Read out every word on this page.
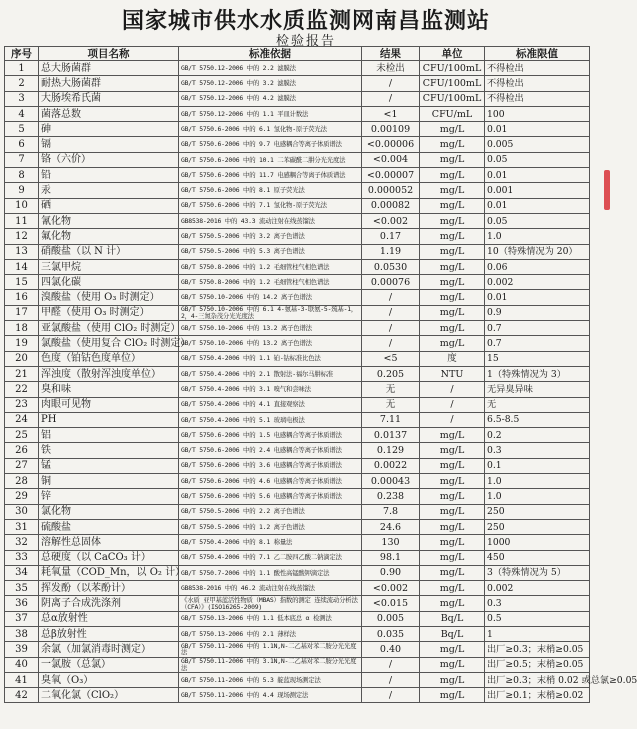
国家城市供水水质监测网南昌监测站
检验报告
序号	项目名称	标准依据	结果	单位	标准限值
1	总大肠菌群	GB/T 5750.12-2006 中的 2.2 滤膜法	未检出	CFU/100mL	不得检出
2	耐热大肠菌群	GB/T 5750.12-2006 中的 3.2 滤膜法	/	CFU/100mL	不得检出
3	大肠埃希氏菌	GB/T 5750.12-2006 中的 4.2 滤膜法	/	CFU/100mL	不得检出
4	菌落总数	GB/T 5750.12-2006 中的 1.1 平皿计数法	<1	CFU/mL	100
5	砷	GB/T 5750.6-2006 中的 6.1 氢化物-原子荧光法	0.00109	mg/L	0.01
6	镉	GB/T 5750.6-2006 中的 9.7 电感耦合等离子体质谱法	<0.00006	mg/L	0.005
7	铬（六价）	GB/T 5750.6-2006 中的 10.1 二苯碳酰二肼分光光度法	<0.004	mg/L	0.05
8	铅	GB/T 5750.6-2006 中的 11.7 电感耦合等离子体质谱法	<0.00007	mg/L	0.01
9	汞	GB/T 5750.6-2006 中的 8.1 原子荧光法	0.000052	mg/L	0.001
10	硒	GB/T 5750.6-2006 中的 7.1 氢化物-原子荧光法	0.00082	mg/L	0.01
11	氰化物	GB8538-2016 中的 43.3 流动注射在线蒸馏法	<0.002	mg/L	0.05
12	氟化物	GB/T 5750.5-2006 中的 3.2 离子色谱法	0.17	mg/L	1.0
13	硝酸盐（以 N 计）	GB/T 5750.5-2006 中的 5.3 离子色谱法	1.19	mg/L	10（特殊情况为 20）
14	三氯甲烷	GB/T 5750.8-2006 中的 1.2 毛细管柱气相色谱法	0.0530	mg/L	0.06
15	四氯化碳	GB/T 5750.8-2006 中的 1.2 毛细管柱气相色谱法	0.00076	mg/L	0.002
16	溴酸盐（使用 O₃ 时测定）	GB/T 5750.10-2006 中的 14.2 离子色谱法	/	mg/L	0.01
17	甲醛（使用 O₃ 时测定）	GB/T 5750.10-2006 中的 6.1 4-氨基-3-联氨-5-巯基-1，2，4-三氮杂茂分光光度法	/	mg/L	0.9
18	亚氯酸盐（使用 ClO₂ 时测定）	GB/T 5750.10-2006 中的 13.2 离子色谱法	/	mg/L	0.7
19	氯酸盐（使用复合 ClO₂ 时测定）	GB/T 5750.10-2006 中的 13.2 离子色谱法	/	mg/L	0.7
20	色度（铂钴色度单位）	GB/T 5750.4-2006 中的 1.1 铂-钴标准比色法	<5	度	15
21	浑浊度（散射浑浊度单位）	GB/T 5750.4-2006 中的 2.1 散射法-福尔马肼标准	0.205	NTU	1（特殊情况为 3）
22	臭和味	GB/T 5750.4-2006 中的 3.1 嗅气和尝味法	无	/	无异臭异味
23	肉眼可见物	GB/T 5750.4-2006 中的 4.1 直接观察法	无	/	无
24	PH	GB/T 5750.4-2006 中的 5.1 玻璃电极法	7.11	/	6.5-8.5
25	铝	GB/T 5750.6-2006 中的 1.5 电感耦合等离子体质谱法	0.0137	mg/L	0.2
26	铁	GB/T 5750.6-2006 中的 2.4 电感耦合等离子体质谱法	0.129	mg/L	0.3
27	锰	GB/T 5750.6-2006 中的 3.6 电感耦合等离子体质谱法	0.0022	mg/L	0.1
28	铜	GB/T 5750.6-2006 中的 4.6 电感耦合等离子体质谱法	0.00043	mg/L	1.0
29	锌	GB/T 5750.6-2006 中的 5.6 电感耦合等离子体质谱法	0.238	mg/L	1.0
30	氯化物	GB/T 5750.5-2006 中的 2.2 离子色谱法	7.8	mg/L	250
31	硫酸盐	GB/T 5750.5-2006 中的 1.2 离子色谱法	24.6	mg/L	250
32	溶解性总固体	GB/T 5750.4-2006 中的 8.1 称量法	130	mg/L	1000
33	总硬度（以 CaCO₃ 计）	GB/T 5750.4-2006 中的 7.1 乙二胺四乙酸二钠滴定法	98.1	mg/L	450
34	耗氧量（COD_Mn，以 O₂ 计）	GB/T 5750.7-2006 中的 1.1 酸性高锰酸钾滴定法	0.90	mg/L	3（特殊情况为 5）
35	挥发酚（以苯酚计）	GB8538-2016 中的 46.2 流动注射在线蒸馏法	<0.002	mg/L	0.002
36	阴离子合成洗涤剂	《水质 亚甲基蓝活性物质（MBAS）指数的测定 连续流动分析法（CFA）》(ISO16265-2009)	<0.015	mg/L	0.3
37	总α放射性	GB/T 5750.13-2006 中的 1.1 低本底总 α 检测法	0.005	Bq/L	0.5
38	总β放射性	GB/T 5750.13-2006 中的 2.1 薄样法	0.035	Bq/L	1
39	余氯（加氯消毒时测定）	GB/T 5750.11-2006 中的 1.1N,N-二乙基对苯二胺分光光度法	0.40	mg/L	出厂≥0.3；末梢≥0.05
40	一氯胺（总氯）	GB/T 5750.11-2006 中的 3.1N,N-二乙基对苯二胺分光光度法	/	mg/L	出厂≥0.5；末梢≥0.05
41	臭氧（O₃）	GB/T 5750.11-2006 中的 5.3 靛蓝现场测定法	/	mg/L	出厂≥0.3；末梢 0.02 或总氯≥0.05
42	二氧化氯（ClO₂）	GB/T 5750.11-2006 中的 4.4 现场测定法	/	mg/L	出厂≥0.1；末梢≥0.02
